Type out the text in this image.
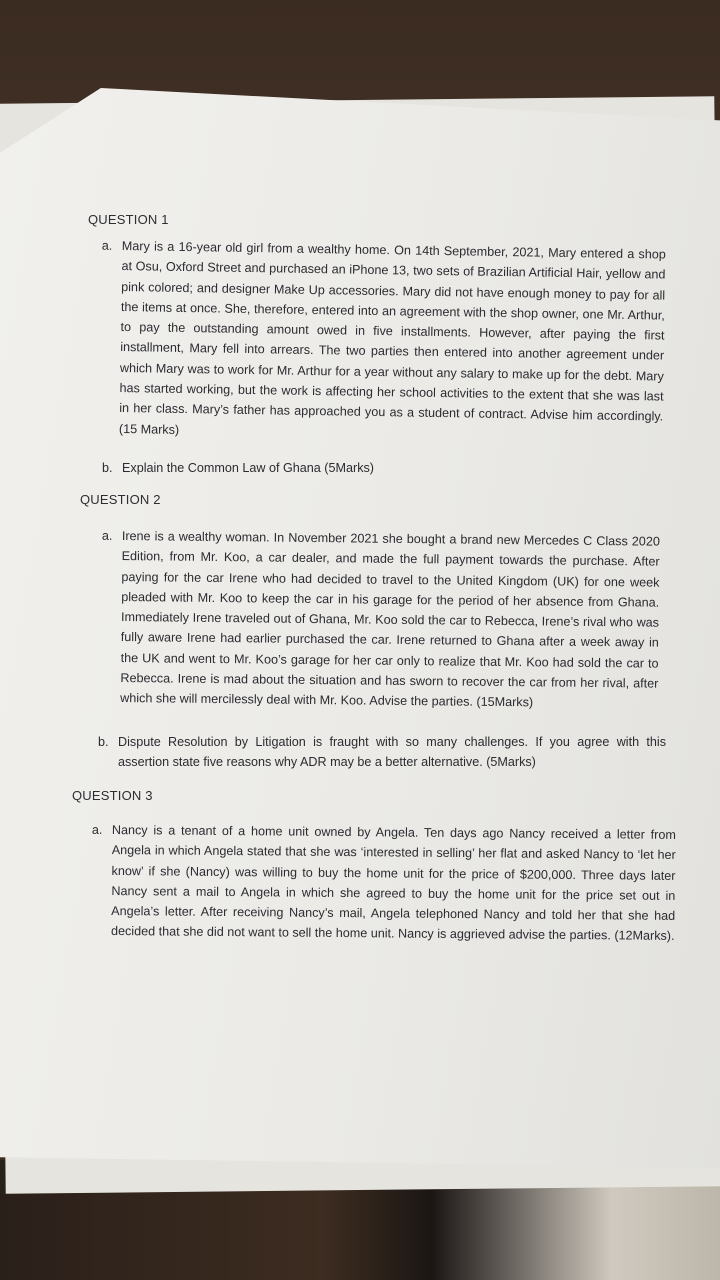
QUESTION 1
a. Mary is a 16-year old girl from a wealthy home. On 14th September, 2021, Mary entered a shop at Osu, Oxford Street and purchased an iPhone 13, two sets of Brazilian Artificial Hair, yellow and pink colored; and designer Make Up accessories. Mary did not have enough money to pay for all the items at once. She, therefore, entered into an agreement with the shop owner, one Mr. Arthur, to pay the outstanding amount owed in five installments. However, after paying the first installment, Mary fell into arrears. The two parties then entered into another agreement under which Mary was to work for Mr. Arthur for a year without any salary to make up for the debt. Mary has started working, but the work is affecting her school activities to the extent that she was last in her class. Mary’s father has approached you as a student of contract. Advise him accordingly. (15 Marks)
b. Explain the Common Law of Ghana (5Marks)
QUESTION 2
a. Irene is a wealthy woman. In November 2021 she bought a brand new Mercedes C Class 2020 Edition, from Mr. Koo, a car dealer, and made the full payment towards the purchase. After paying for the car Irene who had decided to travel to the United Kingdom (UK) for one week pleaded with Mr. Koo to keep the car in his garage for the period of her absence from Ghana. Immediately Irene traveled out of Ghana, Mr. Koo sold the car to Rebecca, Irene’s rival who was fully aware Irene had earlier purchased the car. Irene returned to Ghana after a week away in the UK and went to Mr. Koo’s garage for her car only to realize that Mr. Koo had sold the car to Rebecca. Irene is mad about the situation and has sworn to recover the car from her rival, after which she will mercilessly deal with Mr. Koo. Advise the parties. (15Marks)
b. Dispute Resolution by Litigation is fraught with so many challenges. If you agree with this assertion state five reasons why ADR may be a better alternative. (5Marks)
QUESTION 3
a. Nancy is a tenant of a home unit owned by Angela. Ten days ago Nancy received a letter from Angela in which Angela stated that she was ‘interested in selling’ her flat and asked Nancy to ‘let her know’ if she (Nancy) was willing to buy the home unit for the price of $200,000. Three days later Nancy sent a mail to Angela in which she agreed to buy the home unit for the price set out in Angela’s letter. After receiving Nancy’s mail, Angela telephoned Nancy and told her that she had decided that she did not want to sell the home unit. Nancy is aggrieved advise the parties. (12Marks).
